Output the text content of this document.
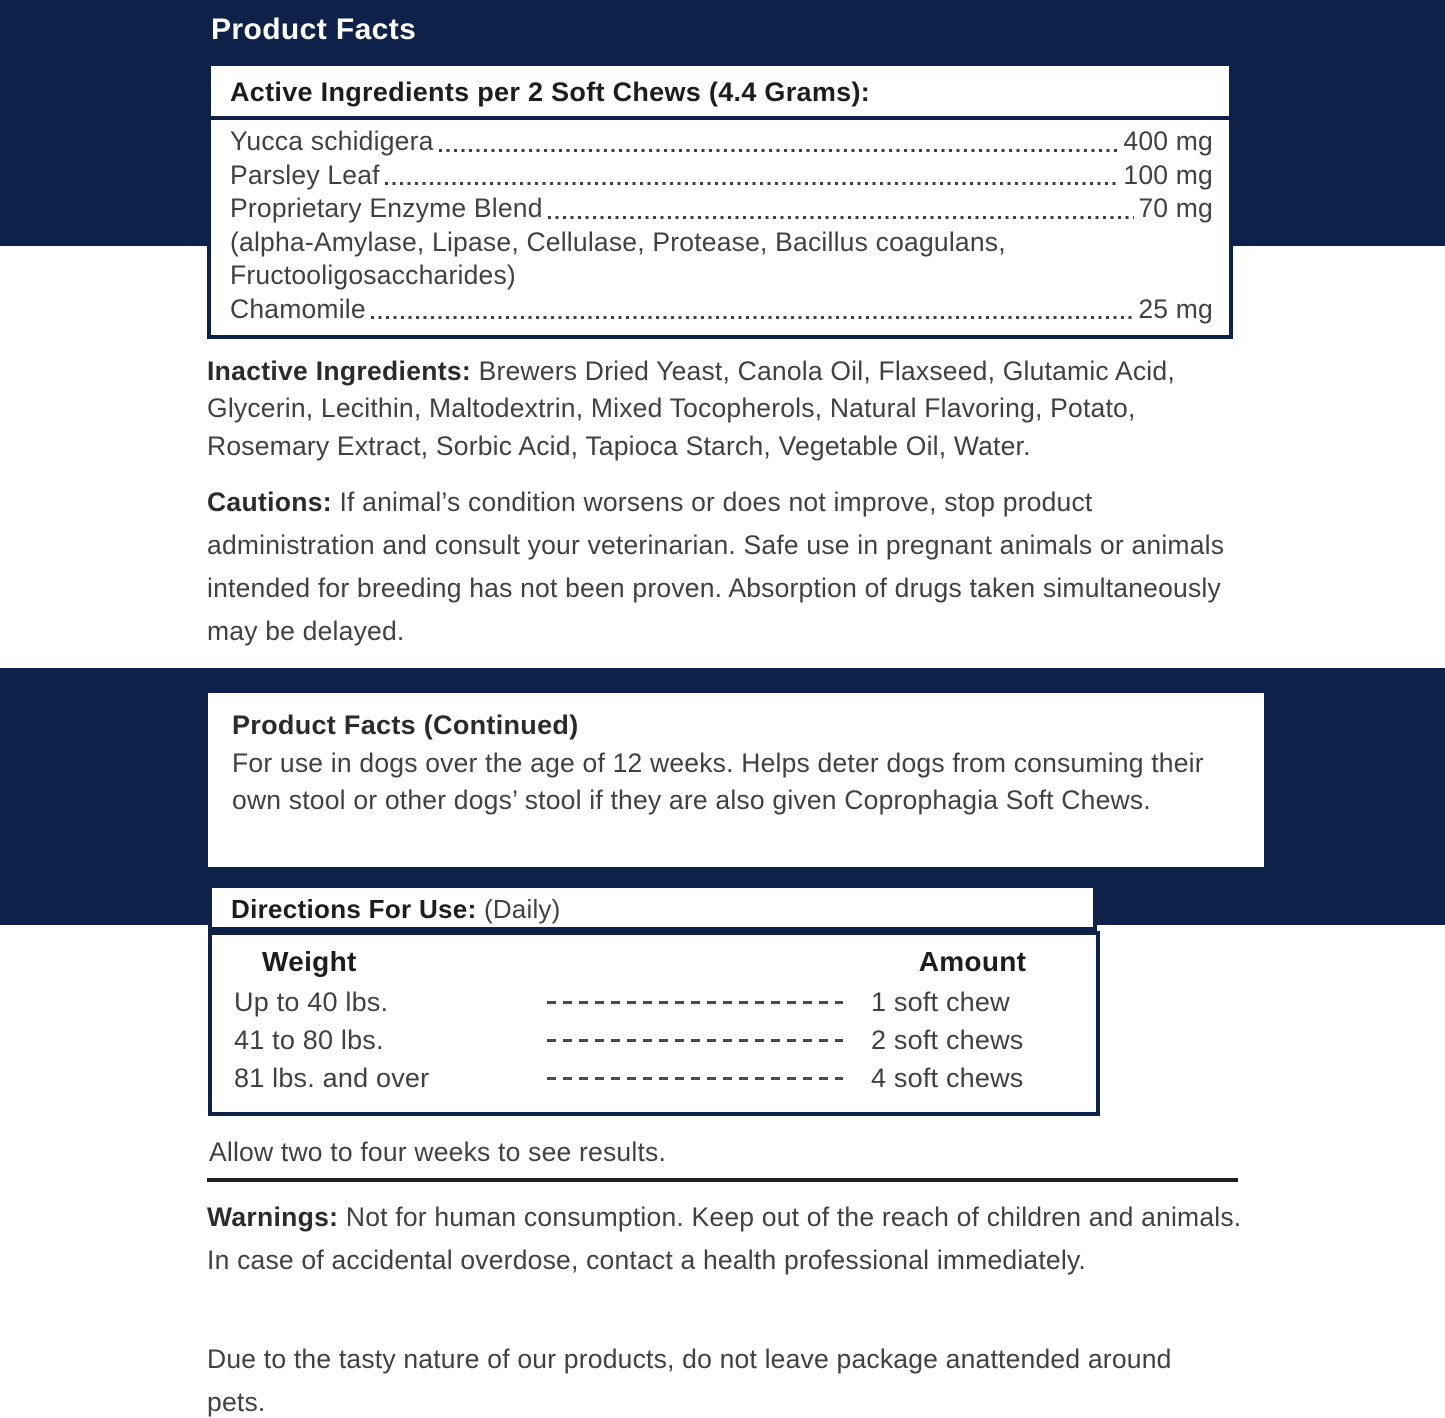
Product Facts
Active Ingredients per 2 Soft Chews (4.4 Grams):
Yucca schidigera	400 mg
Parsley Leaf	100 mg
Proprietary Enzyme Blend	70 mg
(alpha-Amylase, Lipase, Cellulase, Protease, Bacillus coagulans,
Fructooligosaccharides)
Chamomile	25 mg

Inactive Ingredients: Brewers Dried Yeast, Canola Oil, Flaxseed, Glutamic Acid, Glycerin, Lecithin, Maltodextrin, Mixed Tocopherols, Natural Flavoring, Potato, Rosemary Extract, Sorbic Acid, Tapioca Starch, Vegetable Oil, Water.

Cautions: If animal’s condition worsens or does not improve, stop product administration and consult your veterinarian. Safe use in pregnant animals or animals intended for breeding has not been proven. Absorption of drugs taken simultaneously may be delayed.

Product Facts (Continued)

For use in dogs over the age of 12 weeks. Helps deter dogs from consuming their own stool or other dogs’ stool if they are also given Coprophagia Soft Chews.

Directions For Use: (Daily)
Weight	Amount
Up to 40 lbs.	1 soft chew
41 to 80 lbs.	2 soft chews
81 lbs. and over	4 soft chews

Allow two to four weeks to see results.

Warnings: Not for human consumption. Keep out of the reach of children and animals. In case of accidental overdose, contact a health professional immediately.

Due to the tasty nature of our products, do not leave package anattended around pets.
